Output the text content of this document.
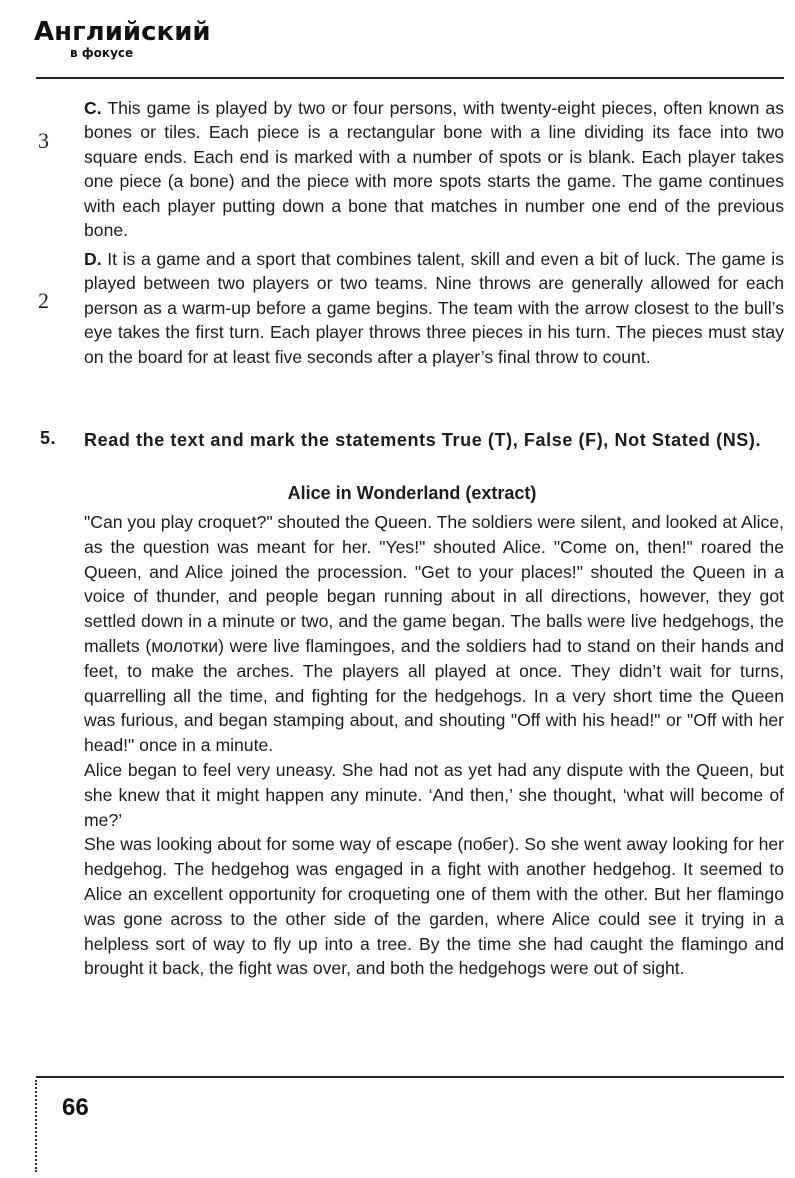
Английский
в фокусе
3

C. This game is played by two or four persons, with twenty-eight pieces, often known as bones or tiles. Each piece is a rectangular bone with a line dividing its face into two square ends. Each end is marked with a number of spots or is blank. Each player takes one piece (a bone) and the piece with more spots starts the game. The game continues with each player putting down a bone that matches in number one end of the previous bone.

2

D. It is a game and a sport that combines talent, skill and even a bit of luck. The game is played between two players or two teams. Nine throws are generally allowed for each person as a warm-up before a game begins. The team with the arrow closest to the bull’s eye takes the first turn. Each player throws three pieces in his turn. The pieces must stay on the board for at least five seconds after a player’s final throw to count.

5. Read the text and mark the statements True (T), False (F), Not Stated (NS).
Alice in Wonderland (extract)

"Can you play croquet?" shouted the Queen. The soldiers were silent, and looked at Alice, as the question was meant for her. "Yes!" shouted Alice. "Come on, then!" roared the Queen, and Alice joined the procession. "Get to your places!" shouted the Queen in a voice of thunder, and people began running about in all directions, however, they got settled down in a minute or two, and the game began. The balls were live hedgehogs, the mallets (молотки) were live flamingoes, and the soldiers had to stand on their hands and feet, to make the arches. The players all played at once. They didn’t wait for turns, quarrelling all the time, and fighting for the hedgehogs. In a very short time the Queen was furious, and began stamping about, and shouting "Off with his head!" or "Off with her head!" once in a minute.

Alice began to feel very uneasy. She had not as yet had any dispute with the Queen, but she knew that it might happen any minute. ‘And then,’ she thought, ‘what will become of me?’

She was looking about for some way of escape (побег). So she went away looking for her hedgehog. The hedgehog was engaged in a fight with another hedgehog. It seemed to Alice an excellent opportunity for croqueting one of them with the other. But her flamingo was gone across to the other side of the garden, where Alice could see it trying in a helpless sort of way to fly up into a tree. By the time she had caught the flamingo and brought it back, the fight was over, and both the hedgehogs were out of sight.

66
